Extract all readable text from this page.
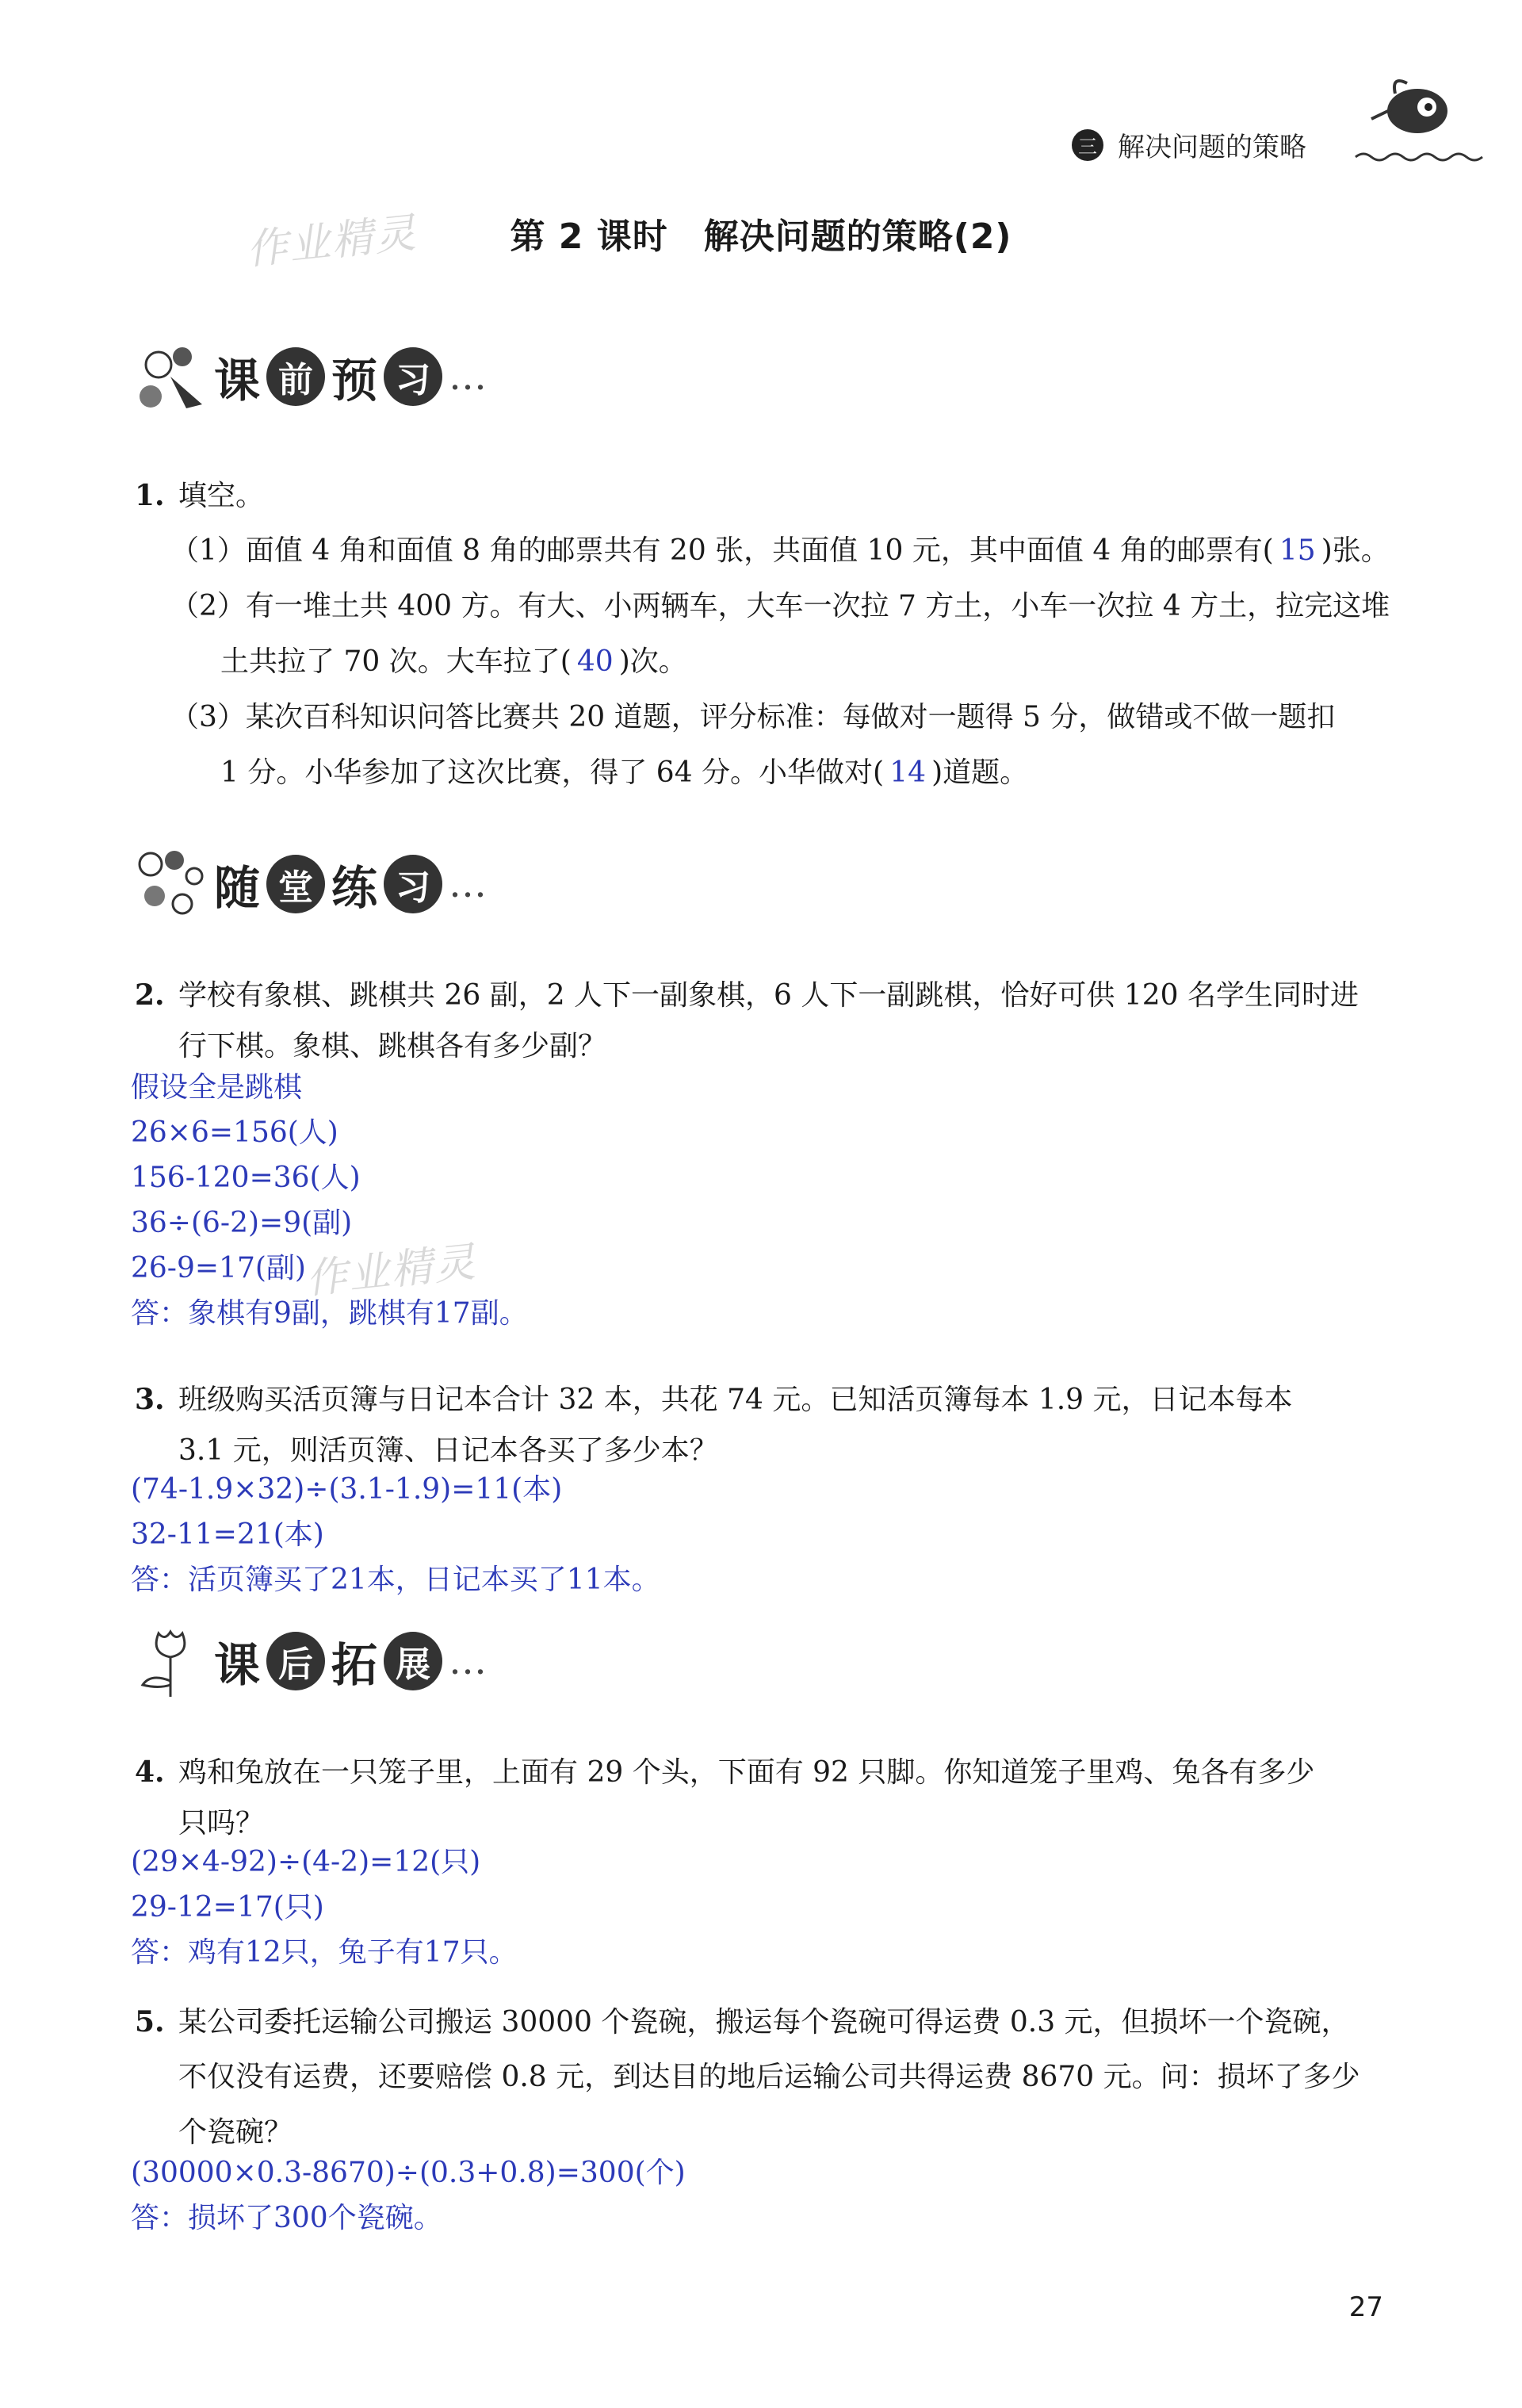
三 解决问题的策略
作业精灵	第 2 课时　解决问题的策略(2)
课 前 预 习 …
1. 填空。
（1）面值 4 角和面值 8 角的邮票共有 20 张，共面值 10 元，其中面值 4 角的邮票有( 15 )张。
（2）有一堆土共 400 方。有大、小两辆车，大车一次拉 7 方土，小车一次拉 4 方土，拉完这堆
土共拉了 70 次。大车拉了( 40 )次。
（3）某次百科知识问答比赛共 20 道题，评分标准：每做对一题得 5 分，做错或不做一题扣
1 分。小华参加了这次比赛，得了 64 分。小华做对( 14 )道题。
随 堂 练 习 …
2. 学校有象棋、跳棋共 26 副，2 人下一副象棋，6 人下一副跳棋，恰好可供 120 名学生同时进
行下棋。象棋、跳棋各有多少副？
假设全是跳棋
26×6=156(人)
156-120=36(人)
36÷(6-2)=9(副)
26-9=17(副)
作业精灵
答：象棋有9副，跳棋有17副。
3. 班级购买活页簿与日记本合计 32 本，共花 74 元。已知活页簿每本 1.9 元，日记本每本
3.1 元，则活页簿、日记本各买了多少本？
(74-1.9×32)÷(3.1-1.9)=11(本)
32-11=21(本)
答：活页簿买了21本，日记本买了11本。
课 后 拓 展 …
4. 鸡和兔放在一只笼子里，上面有 29 个头，下面有 92 只脚。你知道笼子里鸡、兔各有多少
只吗？
(29×4-92)÷(4-2)=12(只)
29-12=17(只)
答：鸡有12只，兔子有17只。
5. 某公司委托运输公司搬运 30000 个瓷碗，搬运每个瓷碗可得运费 0.3 元，但损坏一个瓷碗，
不仅没有运费，还要赔偿 0.8 元，到达目的地后运输公司共得运费 8670 元。问：损坏了多少
个瓷碗？
(30000×0.3-8670)÷(0.3+0.8)=300(个)
答：损坏了300个瓷碗。
27
